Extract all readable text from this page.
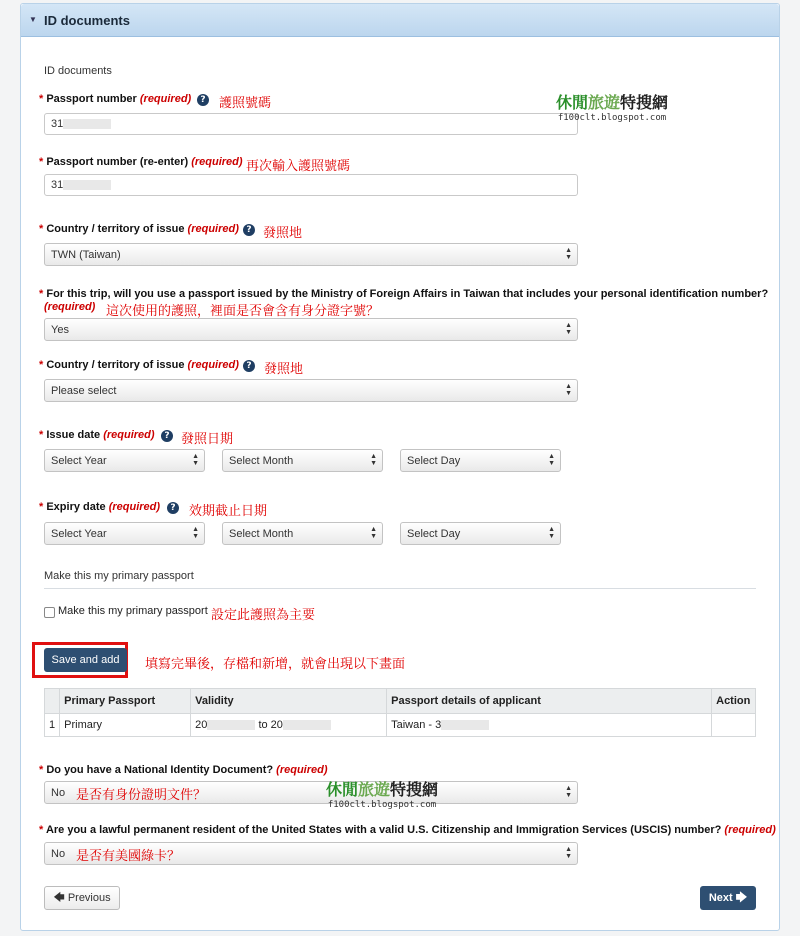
▼ ID documents
ID documents
* Passport number (required)	? 護照號碼
31
* Passport number (re-enter) (required) 再次輸入護照號碼
31
* Country / territory of issue (required) ? 發照地
TWN (Taiwan)	▲
▼
* For this trip, will you use a passport issued by the Ministry of Foreign Affairs in Taiwan that includes your personal identification number?
(required) 這次使用的護照，裡面是否會含有身分證字號？
Yes	▲
▼
* Country / territory of issue (required) ? 發照地
Please select	▲
▼
* Issue date (required)	? 發照日期
Select Year	▲
▼	Select Month	▲
▼	Select Day	▲
▼
* Expiry date (required)	? 效期截止日期
Select Year	▲
▼	Select Month	▲
▼	Select Day	▲
▼
Make this my primary passport
Make this my primary passport 設定此護照為主要
Save and add	填寫完畢後，存檔和新增，就會出現以下畫面
	Primary Passport	Validity	Passport details of applicant	Action
1	Primary	20 to 20	Taiwan - 3	
* Do you have a National Identity Document? (required)
No	▲
▼
是否有身份證明文件？
* Are you a lawful permanent resident of the United States with a valid U.S. Citizenship and Immigration Services (USCIS) number? (required)
No	▲
▼
是否有美國綠卡？
🡄 Previous	Next 🡆
休閒旅遊特搜網
f100clt.blogspot.com
休閒旅遊特搜網
f100clt.blogspot.com
